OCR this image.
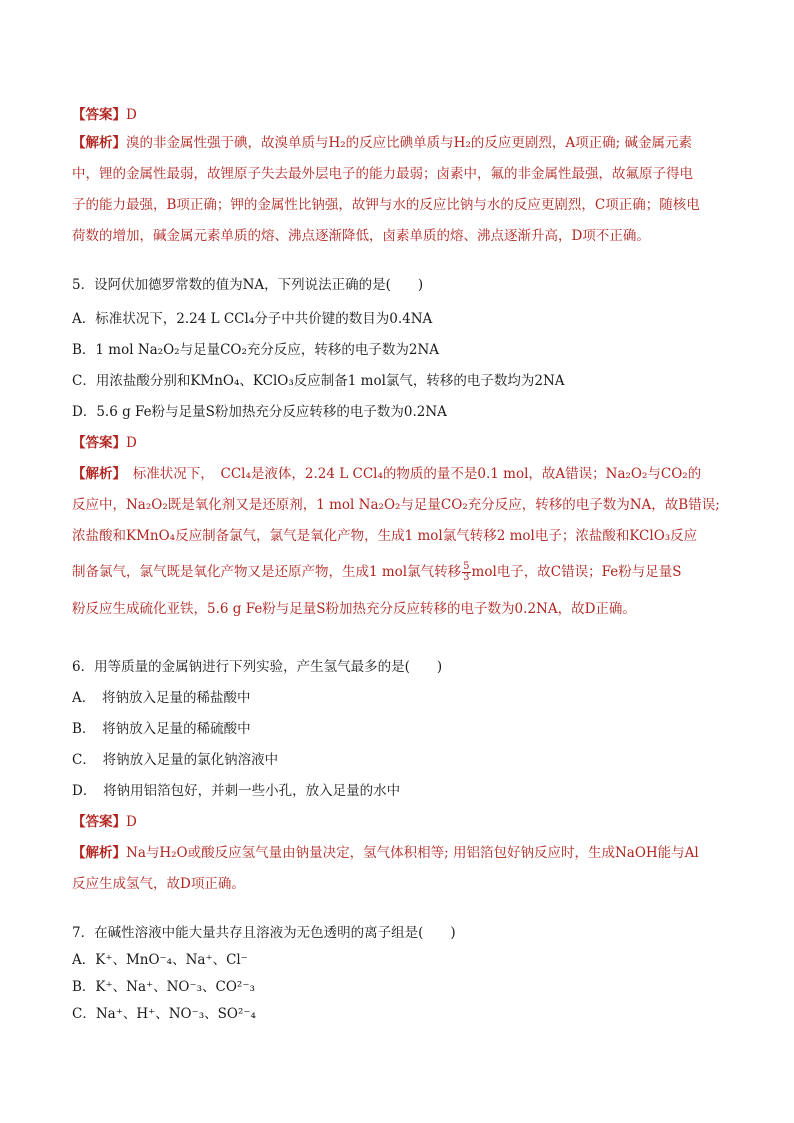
【答案】D
【解析】溴的非金属性强于碘，故溴单质与H₂的反应比碘单质与H₂的反应更剧烈，A项正确; 碱金属元素
中，锂的金属性最弱，故锂原子失去最外层电子的能力最弱；卤素中，氟的非金属性最强，故氟原子得电
子的能力最强，B项正确；钾的金属性比钠强，故钾与水的反应比钠与水的反应更剧烈，C项正确；随核电
荷数的增加，碱金属元素单质的熔、沸点逐渐降低，卤素单质的熔、沸点逐渐升高，D项不正确。
5．设阿伏加德罗常数的值为NA，下列说法正确的是(　　)
A．标准状况下，2.24 L CCl₄分子中共价键的数目为0.4NA
B．1 mol Na₂O₂与足量CO₂充分反应，转移的电子数为2NA
C．用浓盐酸分别和KMnO₄、KClO₃反应制备1 mol氯气，转移的电子数均为2NA
D．5.6 g Fe粉与足量S粉加热充分反应转移的电子数为0.2NA
【答案】D
【解析】　标准状况下，　CCl₄是液体，2.24 L CCl₄的物质的量不是0.1 mol，故A错误；Na₂O₂与CO₂的
反应中，Na₂O₂既是氧化剂又是还原剂，1 mol Na₂O₂与足量CO₂充分反应，转移的电子数为NA，故B错误;
浓盐酸和KMnO₄反应制备氯气，氯气是氧化产物，生成1 mol氯气转移2 mol电子；浓盐酸和KClO₃反应
制备氯气，氯气既是氧化产物又是还原产物，生成1 mol氯气转移 $\frac{5}{3}$ mol电子，故C错误；Fe粉与足量S
粉反应生成硫化亚铁，5.6 g Fe粉与足量S粉加热充分反应转移的电子数为0.2NA，故D正确。
6．用等质量的金属钠进行下列实验，产生氢气最多的是(　　)
A．　将钠放入足量的稀盐酸中
B．　将钠放入足量的稀硫酸中
C．　将钠放入足量的氯化钠溶液中
D．　将钠用铝箔包好，并刺一些小孔，放入足量的水中
【答案】D
【解析】Na与H₂O或酸反应氢气量由钠量决定，氢气体积相等; 用铝箔包好钠反应时，生成NaOH能与Al
反应生成氢气，故D项正确。
7．在碱性溶液中能大量共存且溶液为无色透明的离子组是(　　)
A．K⁺、MnO⁻₄、Na⁺、Cl⁻
B．K⁺、Na⁺、NO⁻₃、CO²⁻₃
C．Na⁺、H⁺、NO⁻₃、SO²⁻₄
